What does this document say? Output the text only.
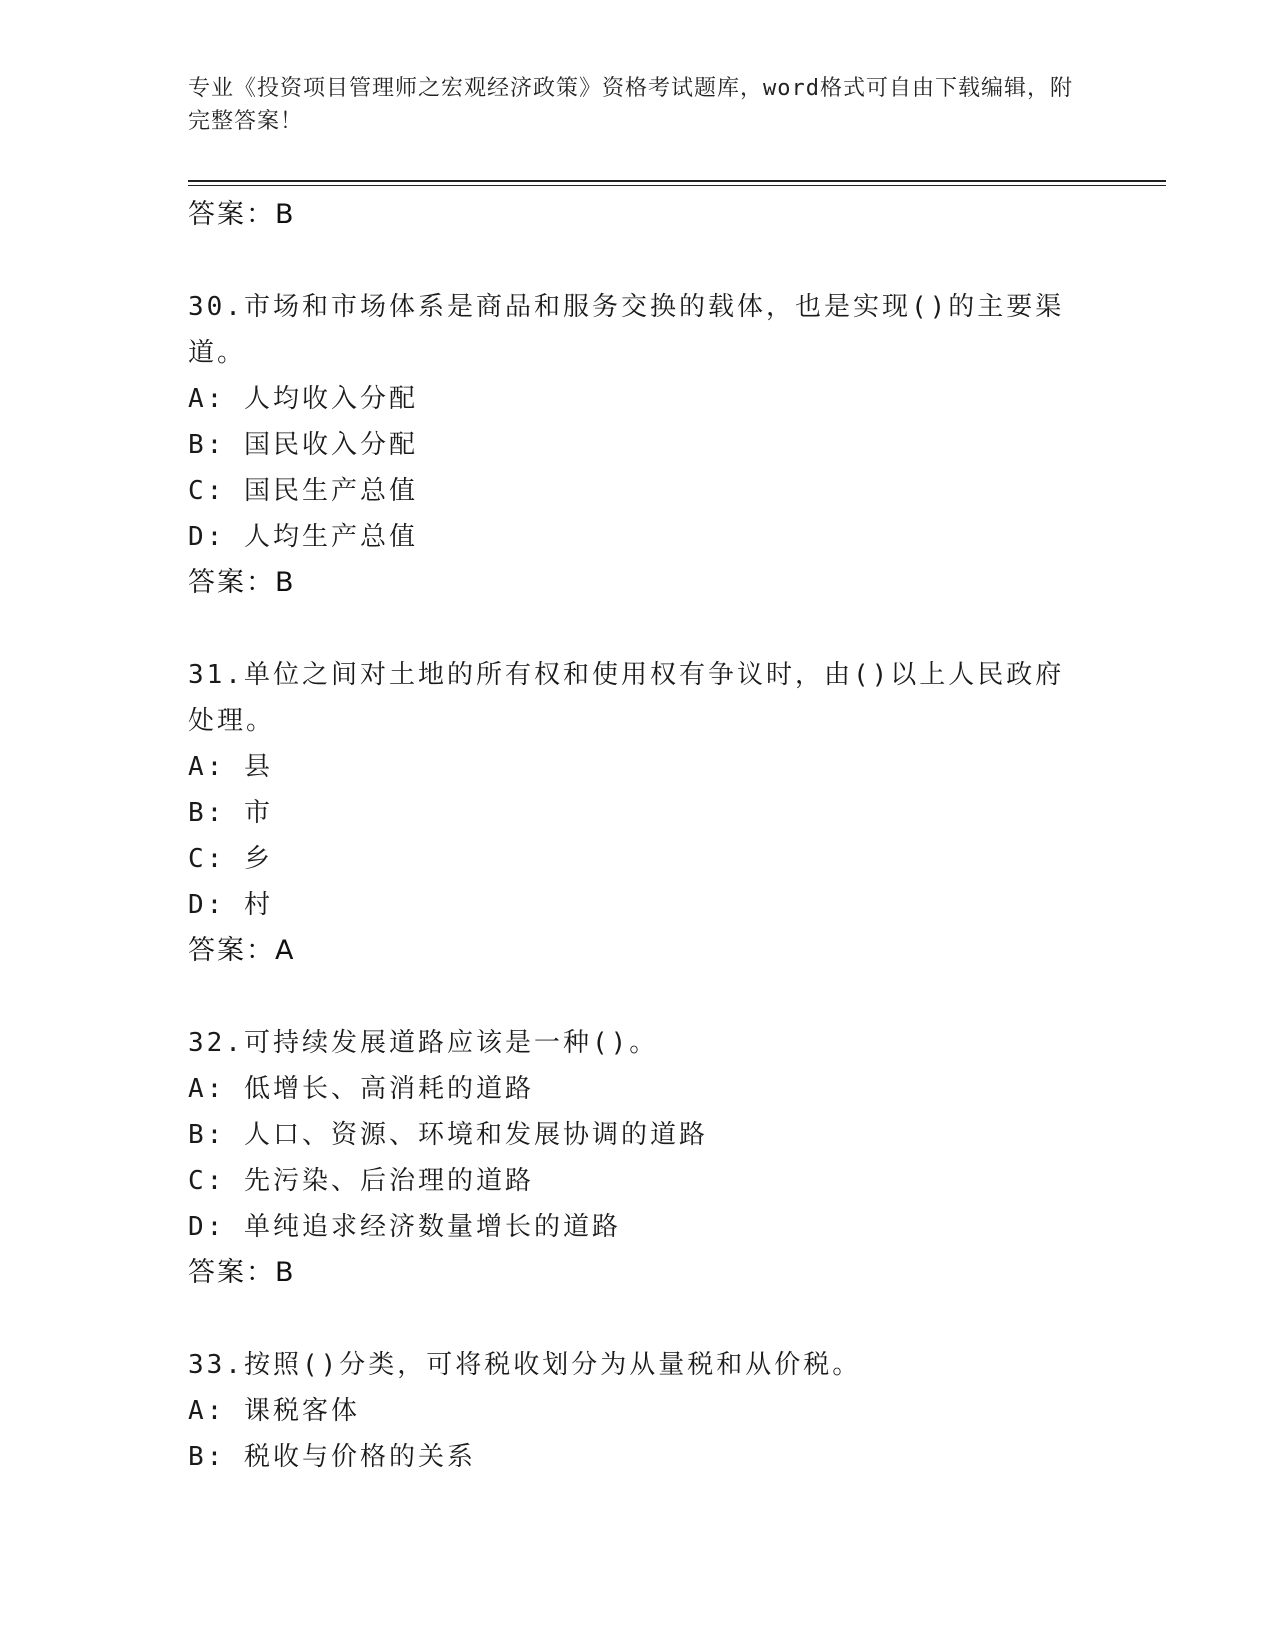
专业《投资项目管理师之宏观经济政策》资格考试题库，word格式可自由下载编辑，附完整答案！
答案：B
30.市场和市场体系是商品和服务交换的载体，也是实现()的主要渠道。
A: 人均收入分配
B: 国民收入分配
C: 国民生产总值
D: 人均生产总值
答案：B
31.单位之间对土地的所有权和使用权有争议时，由()以上人民政府处理。
A: 县
B: 市
C: 乡
D: 村
答案：A
32.可持续发展道路应该是一种()。
A: 低增长、高消耗的道路
B: 人口、资源、环境和发展协调的道路
C: 先污染、后治理的道路
D: 单纯追求经济数量增长的道路
答案：B
33.按照()分类，可将税收划分为从量税和从价税。
A: 课税客体
B: 税收与价格的关系
